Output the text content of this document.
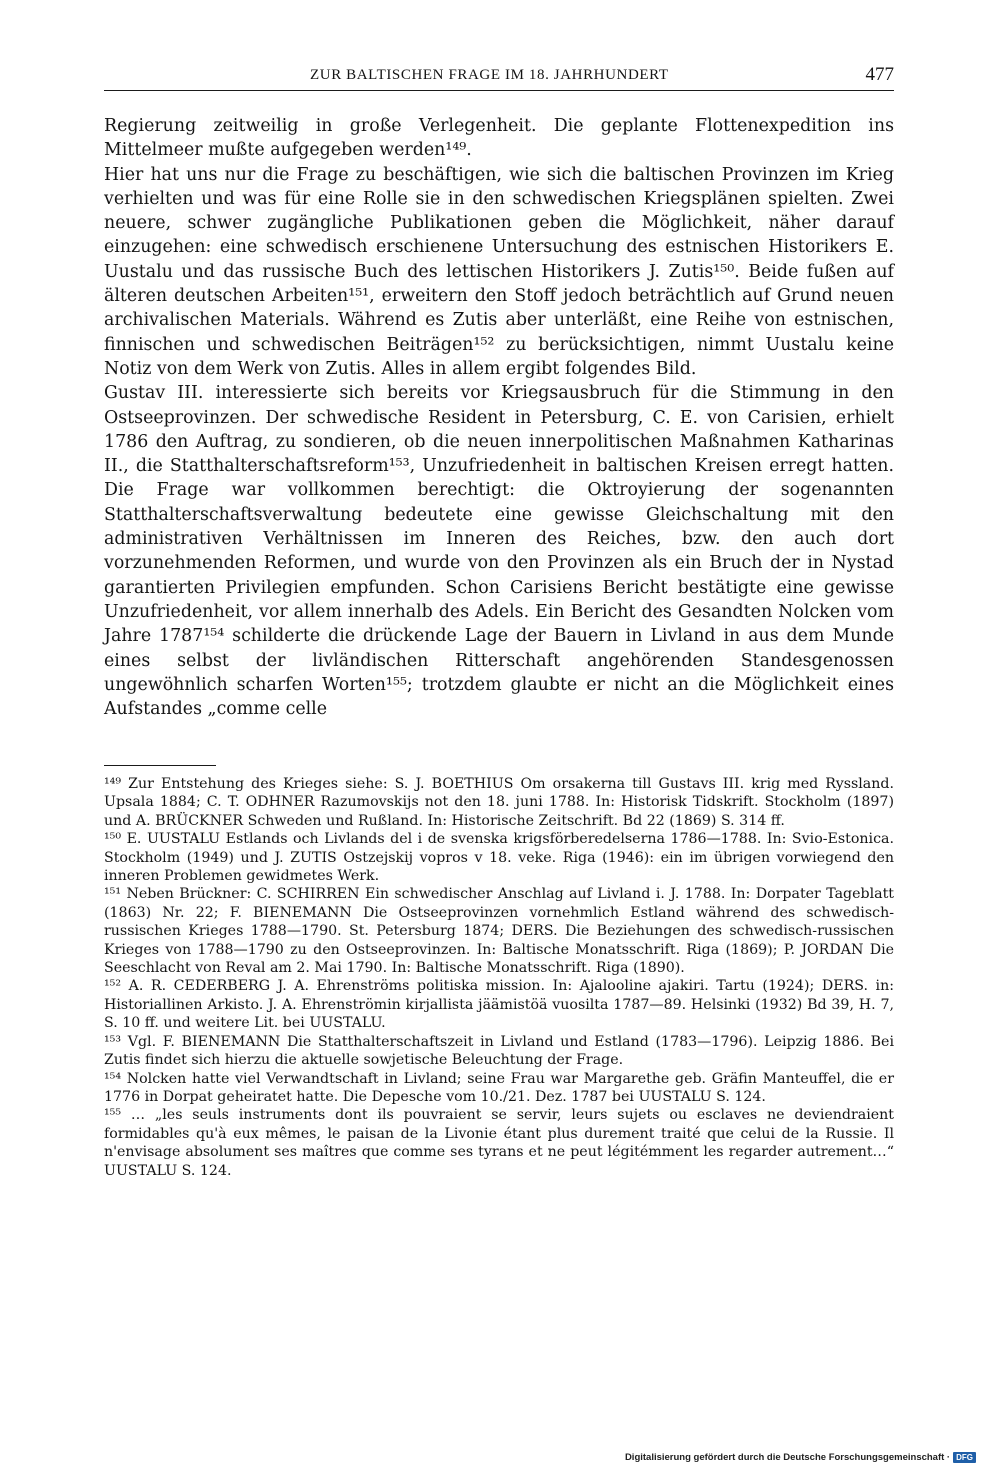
ZUR BALTISCHEN FRAGE IM 18. JAHRHUNDERT	477

Regierung zeitweilig in große Verlegenheit. Die geplante Flottenexpedition ins Mittelmeer mußte aufgegeben werden¹⁴⁹.

Hier hat uns nur die Frage zu beschäftigen, wie sich die baltischen Provinzen im Krieg verhielten und was für eine Rolle sie in den schwedischen Kriegsplänen spielten. Zwei neuere, schwer zugängliche Publikationen geben die Möglichkeit, näher darauf einzugehen: eine schwedisch erschienene Untersuchung des estnischen Historikers E. Uustalu und das russische Buch des lettischen Historikers J. Zutis¹⁵⁰. Beide fußen auf älteren deutschen Arbeiten¹⁵¹, erweitern den Stoff jedoch beträchtlich auf Grund neuen archivalischen Materials. Während es Zutis aber unterläßt, eine Reihe von estnischen, finnischen und schwedischen Beiträgen¹⁵² zu berücksichtigen, nimmt Uustalu keine Notiz von dem Werk von Zutis. Alles in allem ergibt folgendes Bild.

Gustav III. interessierte sich bereits vor Kriegsausbruch für die Stimmung in den Ostseeprovinzen. Der schwedische Resident in Petersburg, C. E. von Carisien, erhielt 1786 den Auftrag, zu sondieren, ob die neuen innerpolitischen Maßnahmen Katharinas II., die Statthalterschaftsreform¹⁵³, Unzufriedenheit in baltischen Kreisen erregt hatten. Die Frage war vollkommen berechtigt: die Oktroyierung der sogenannten Statthalterschaftsverwaltung bedeutete eine gewisse Gleichschaltung mit den administrativen Verhältnissen im Inneren des Reiches, bzw. den auch dort vorzunehmenden Reformen, und wurde von den Provinzen als ein Bruch der in Nystad garantierten Privilegien empfunden. Schon Carisiens Bericht bestätigte eine gewisse Unzufriedenheit, vor allem innerhalb des Adels. Ein Bericht des Gesandten Nolcken vom Jahre 1787¹⁵⁴ schilderte die drückende Lage der Bauern in Livland in aus dem Munde eines selbst der livländischen Ritterschaft angehörenden Standesgenossen ungewöhnlich scharfen Worten¹⁵⁵; trotzdem glaubte er nicht an die Möglichkeit eines Aufstandes „comme celle

¹⁴⁹ Zur Entstehung des Krieges siehe: S. J. BOETHIUS Om orsakerna till Gustavs III. krig med Ryssland. Upsala 1884; C. T. ODHNER Razumovskijs not den 18. juni 1788. In: Historisk Tidskrift. Stockholm (1897) und A. BRÜCKNER Schweden und Rußland. In: Historische Zeitschrift. Bd 22 (1869) S. 314 ff.

¹⁵⁰ E. UUSTALU Estlands och Livlands del i de svenska krigsförberedelserna 1786—1788. In: Svio-Estonica. Stockholm (1949) und J. ZUTIS Ostzejskij vopros v 18. veke. Riga (1946): ein im übrigen vorwiegend den inneren Problemen gewidmetes Werk.

¹⁵¹ Neben Brückner: C. SCHIRREN Ein schwedischer Anschlag auf Livland i. J. 1788. In: Dorpater Tageblatt (1863) Nr. 22; F. BIENEMANN Die Ostseeprovinzen vornehmlich Estland während des schwedisch-russischen Krieges 1788—1790. St. Petersburg 1874; DERS. Die Beziehungen des schwedisch-russischen Krieges von 1788—1790 zu den Ostseeprovinzen. In: Baltische Monatsschrift. Riga (1869); P. JORDAN Die Seeschlacht von Reval am 2. Mai 1790. In: Baltische Monatsschrift. Riga (1890).

¹⁵² A. R. CEDERBERG J. A. Ehrenströms politiska mission. In: Ajalooline ajakiri. Tartu (1924); DERS. in: Historiallinen Arkisto. J. A. Ehrenströmin kirjallista jäämistöä vuosilta 1787—89. Helsinki (1932) Bd 39, H. 7, S. 10 ff. und weitere Lit. bei UUSTALU.

¹⁵³ Vgl. F. BIENEMANN Die Statthalterschaftszeit in Livland und Estland (1783—1796). Leipzig 1886. Bei Zutis findet sich hierzu die aktuelle sowjetische Beleuchtung der Frage.

¹⁵⁴ Nolcken hatte viel Verwandtschaft in Livland; seine Frau war Margarethe geb. Gräfin Manteuffel, die er 1776 in Dorpat geheiratet hatte. Die Depesche vom 10./21. Dez. 1787 bei UUSTALU S. 124.

¹⁵⁵ … „les seuls instruments dont ils pouvraient se servir, leurs sujets ou esclaves ne deviendraient formidables qu'à eux mêmes, le paisan de la Livonie étant plus durement traité que celui de la Russie. Il n'envisage absolument ses maîtres que comme ses tyrans et ne peut légitémment les regarder autrement…“ UUSTALU S. 124.

Digitalisierung gefördert durch die Deutsche Forschungsgemeinschaft · DFG
